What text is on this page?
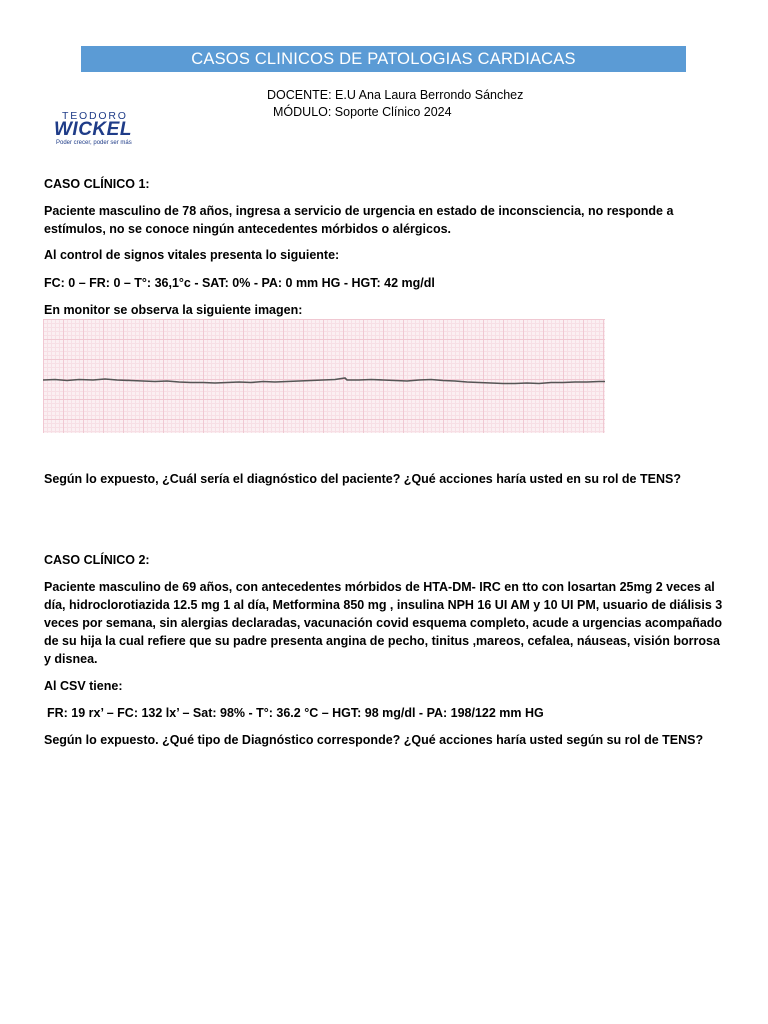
CASOS CLINICOS DE PATOLOGIAS CARDIACAS
TEODORO
WICKEL
Poder crecer, poder ser más
DOCENTE: E.U Ana Laura Berrondo Sánchez
MÓDULO: Soporte Clínico 2024
CASO CLÍNICO 1:
Paciente masculino de 78 años, ingresa a servicio de urgencia en estado de inconsciencia, no responde a estímulos, no se conoce ningún antecedentes mórbidos o alérgicos.
Al control de signos vitales presenta lo siguiente:
FC: 0 – FR: 0 – T°: 36,1°c - SAT: 0% - PA: 0 mm HG - HGT: 42 mg/dl
En monitor se observa la siguiente imagen:
Según lo expuesto, ¿Cuál sería el diagnóstico del paciente? ¿Qué acciones haría usted en su rol de TENS?
CASO CLÍNICO 2:
Paciente masculino de 69 años, con antecedentes mórbidos de HTA-DM- IRC en tto con losartan 25mg 2 veces al día, hidroclorotiazida 12.5 mg 1 al día, Metformina 850 mg , insulina NPH 16 UI AM y 10 UI PM, usuario de diálisis 3 veces por semana, sin alergias declaradas, vacunación covid esquema completo, acude a urgencias acompañado de su hija la cual refiere que su padre presenta angina de pecho, tinitus ,mareos, cefalea, náuseas, visión borrosa y disnea.
Al CSV tiene:
FR: 19 rx’ – FC: 132 lx’ – Sat: 98% - T°: 36.2 °C – HGT: 98 mg/dl - PA: 198/122 mm HG
Según lo expuesto. ¿Qué tipo de Diagnóstico corresponde? ¿Qué acciones haría usted según su rol de TENS?
